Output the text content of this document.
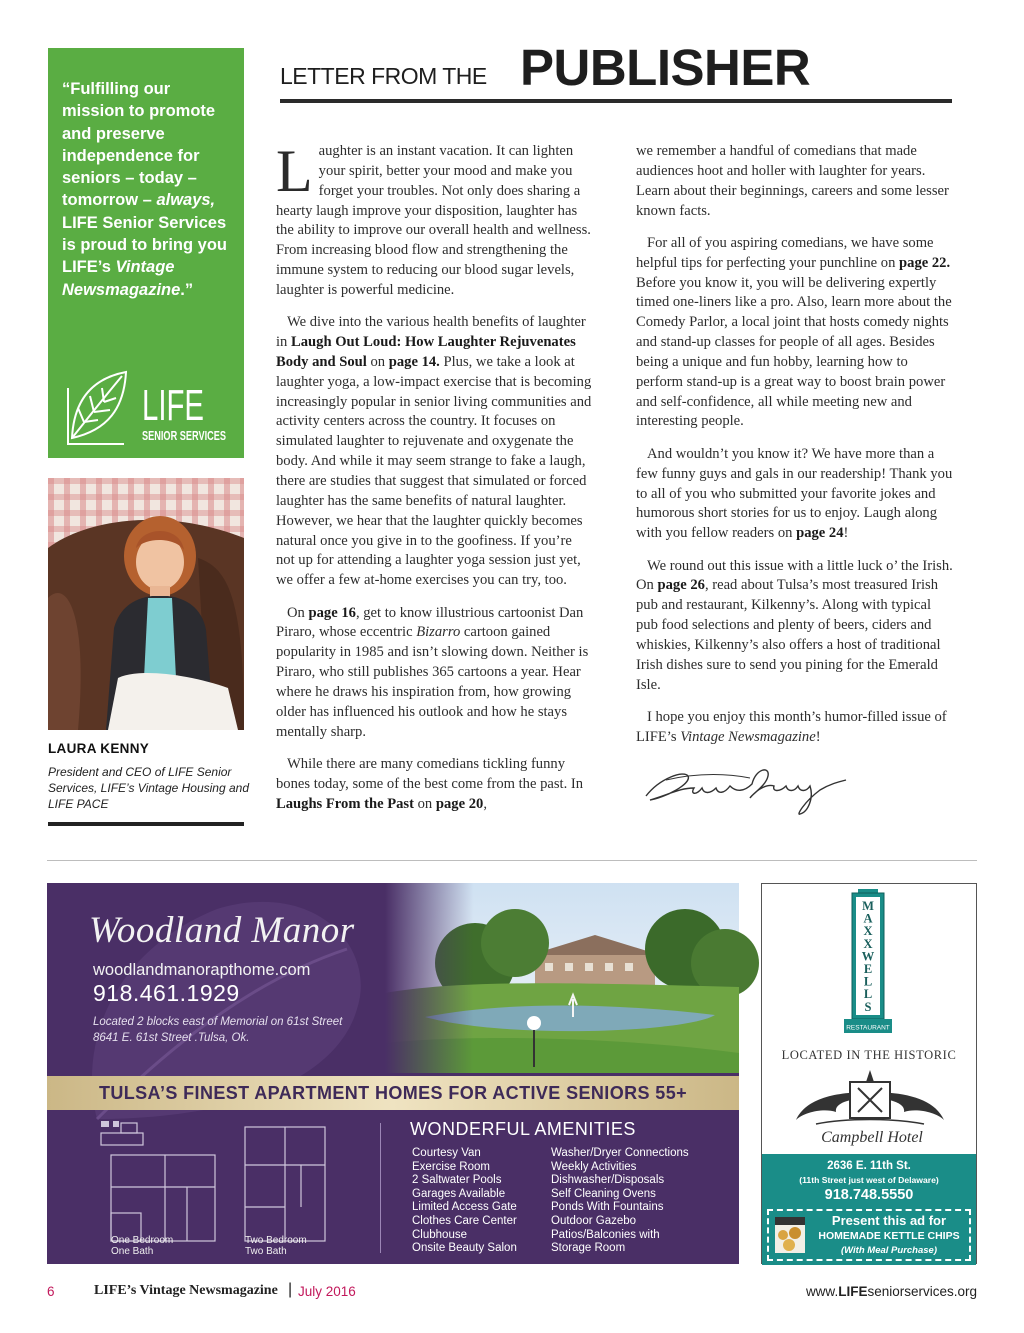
“Fulfilling our mission to promote and preserve independence for seniors – today – tomorrow – always, LIFE Senior Services is proud to bring you LIFE’s Vintage Newsmagazine.”
LIFE
SENIOR SERVICES
LAURA KENNY
President and CEO of LIFE Senior Services, LIFE’s Vintage Housing and LIFE PACE
LETTER FROM THE PUBLISHER

Laughter is an instant vacation. It can lighten your spirit, better your mood and make you forget your troubles. Not only does sharing a hearty laugh improve your disposition, laughter has the ability to improve our overall health and wellness. From increasing blood flow and strengthening the immune system to reducing our blood sugar levels, laughter is powerful medicine.

We dive into the various health benefits of laughter in Laugh Out Loud: How Laughter Rejuvenates Body and Soul on page 14. Plus, we take a look at laughter yoga, a low-impact exercise that is becoming increasingly popular in senior living communities and activity centers across the country. It focuses on simulated laughter to rejuvenate and oxygenate the body. And while it may seem strange to fake a laugh, there are studies that suggest that simulated or forced laughter has the same benefits of natural laughter. However, we hear that the laughter quickly becomes natural once you give in to the goofiness. If you’re not up for attending a laughter yoga session just yet, we offer a few at-home exercises you can try, too.

On page 16, get to know illustrious cartoonist Dan Piraro, whose eccentric Bizarro cartoon gained popularity in 1985 and isn’t slowing down. Neither is Piraro, who still publishes 365 cartoons a year. Hear where he draws his inspiration from, how growing older has influenced his outlook and how he stays mentally sharp.

While there are many comedians tickling funny bones today, some of the best come from the past. In Laughs From the Past on page 20,

we remember a handful of comedians that made audiences hoot and holler with laughter for years. Learn about their beginnings, careers and some lesser known facts.

For all of you aspiring comedians, we have some helpful tips for perfecting your punchline on page 22. Before you know it, you will be delivering expertly timed one-liners like a pro. Also, learn more about the Comedy Parlor, a local joint that hosts comedy nights and stand-up classes for people of all ages. Besides being a unique and fun hobby, learning how to perform stand-up is a great way to boost brain power and self-confidence, all while meeting new and interesting people.

And wouldn’t you know it? We have more than a few funny guys and gals in our readership! Thank you to all of you who submitted your favorite jokes and humorous short stories for us to enjoy. Laugh along with you fellow readers on page 24!

We round out this issue with a little luck o’ the Irish. On page 26, read about Tulsa’s most treasured Irish pub and restaurant, Kilkenny’s. Along with typical pub food selections and plenty of beers, ciders and whiskies, Kilkenny’s also offers a host of traditional Irish dishes sure to send you pining for the Emerald Isle.

I hope you enjoy this month’s humor-filled issue of LIFE’s Vintage Newsmagazine!

Woodland Manor
woodlandmanorapthome.com
918.461.1929
Located 2 blocks east of Memorial on 61st Street
8641 E. 61st Street .Tulsa, Ok.
TULSA’S FINEST APARTMENT HOMES FOR ACTIVE SENIORS 55+
One Bedroom
One Bath
Two Bedroom
Two Bath
WONDERFUL AMENITIES
Courtesy Van
Exercise Room
2 Saltwater Pools
Garages Available
Limited Access Gate
Clothes Care Center
Clubhouse
Onsite Beauty Salon
Washer/Dryer Connections
Weekly Activities
Dishwasher/Disposals
Self Cleaning Ovens
Ponds With Fountains
Outdoor Gazebo
Patios/Balconies with
Storage Room
M
A
X
X
W
E
L
L
S
RESTAURANT
LOCATED IN THE HISTORIC
Campbell Hotel
2636 E. 11th St.
(11th Street just west of Delaware)
918.748.5550
Present this ad for
HOMEMADE KETTLE CHIPS
(With Meal Purchase)
6	LIFE’s Vintage Newsmagazine | July 2016	www.LIFEseniorservices.org
